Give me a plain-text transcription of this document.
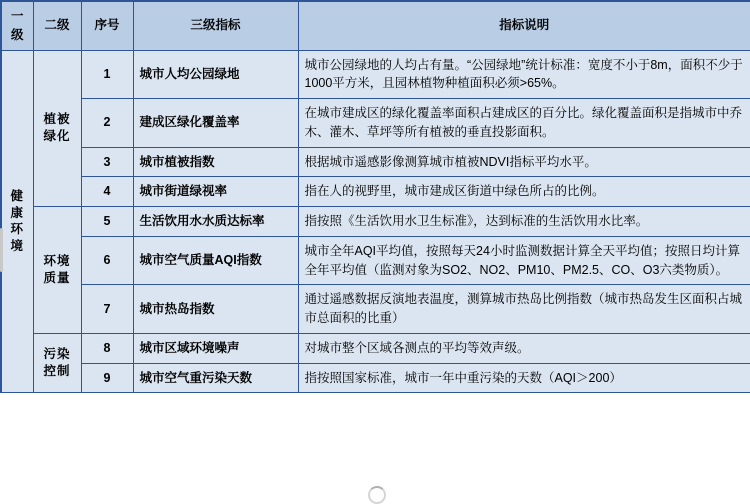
一级	二级	序号	三级指标	指标说明

健康环境	植被绿化	1	城市人均公园绿地	城市公园绿地的人均占有量。“公园绿地”统计标准：宽度不小于8m，面积不少于1000平方米，且园林植物种植面积必须>65%。
		2	建成区绿化覆盖率	在城市建成区的绿化覆盖率面积占建成区的百分比。绿化覆盖面积是指城市中乔木、灌木、草坪等所有植被的垂直投影面积。
		3	城市植被指数	根据城市遥感影像测算城市植被NDVI指标平均水平。
		4	城市街道绿视率	指在人的视野里，城市建成区街道中绿色所占的比例。

	环境质量	5	生活饮用水水质达标率	指按照《生活饮用水卫生标准》，达到标准的生活饮用水比率。
		6	城市空气质量AQI指数	城市全年AQI平均值，按照每天24小时监测数据计算全天平均值；按照日均计算全年平均值（监测对象为SO2、NO2、PM10、PM2.5、CO、O3六类物质）。
		7	城市热岛指数	通过遥感数据反演地表温度，测算城市热岛比例指数（城市热岛发生区面积占城市总面积的比重）

	污染控制	8	城市区域环境噪声	对城市整个区域各测点的平均等效声级。
		9	城市空气重污染天数	指按照国家标准，城市一年中重污染的天数（AQI＞200）
